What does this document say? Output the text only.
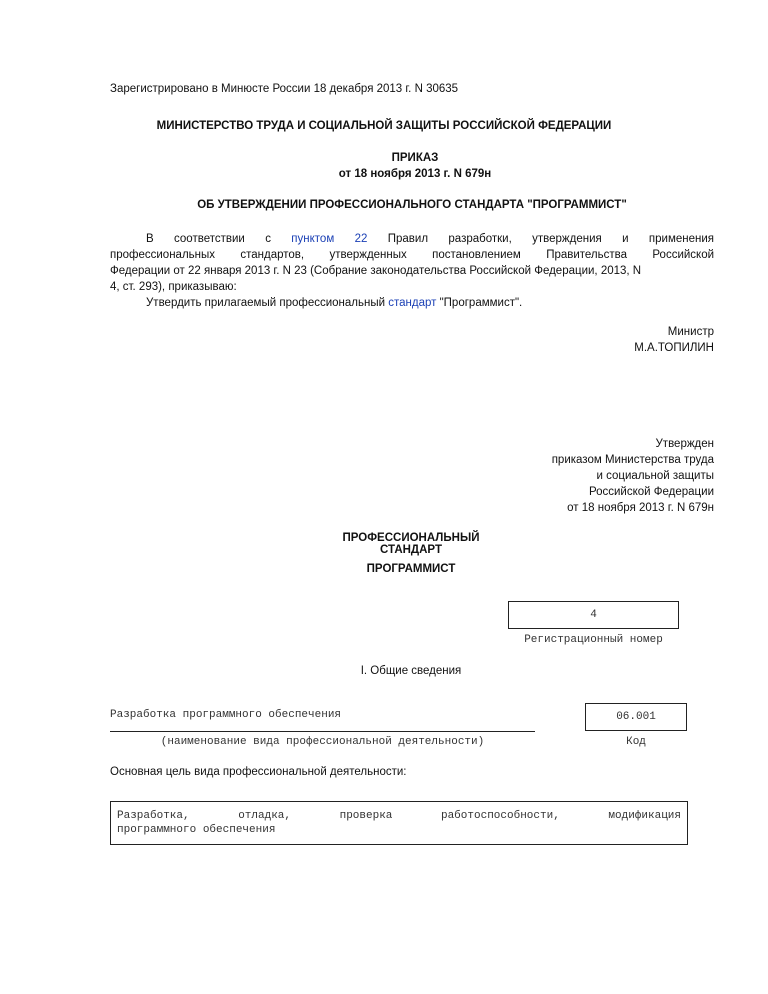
Зарегистрировано в Минюсте России 18 декабря 2013 г. N 30635
МИНИСТЕРСТВО ТРУДА И СОЦИАЛЬНОЙ ЗАЩИТЫ РОССИЙСКОЙ ФЕДЕРАЦИИ
ПРИКАЗ
от 18 ноября 2013 г. N 679н
ОБ УТВЕРЖДЕНИИ ПРОФЕССИОНАЛЬНОГО СТАНДАРТА "ПРОГРАММИСТ"
В соответствии с пунктом 22 Правил разработки, утверждения и применения
профессиональных стандартов, утвержденных постановлением Правительства Российской
Федерации от 22 января 2013 г. N 23 (Собрание законодательства Российской Федерации, 2013, N
4, ст. 293), приказываю:
Утвердить прилагаемый профессиональный стандарт "Программист".
Министр
М.А.ТОПИЛИН
Утвержден
приказом Министерства труда
и социальной защиты
Российской Федерации
от 18 ноября 2013 г. N 679н
ПРОФЕССИОНАЛЬНЫЙ СТАНДАРТ
ПРОГРАММИСТ
4
Регистрационный номер
I. Общие сведения
Разработка программного обеспечения
(наименование вида профессиональной деятельности)
06.001
Код
Основная цель вида профессиональной деятельности:
Разработка,	отладка,	проверка	работоспособности,	модификация
программного обеспечения
